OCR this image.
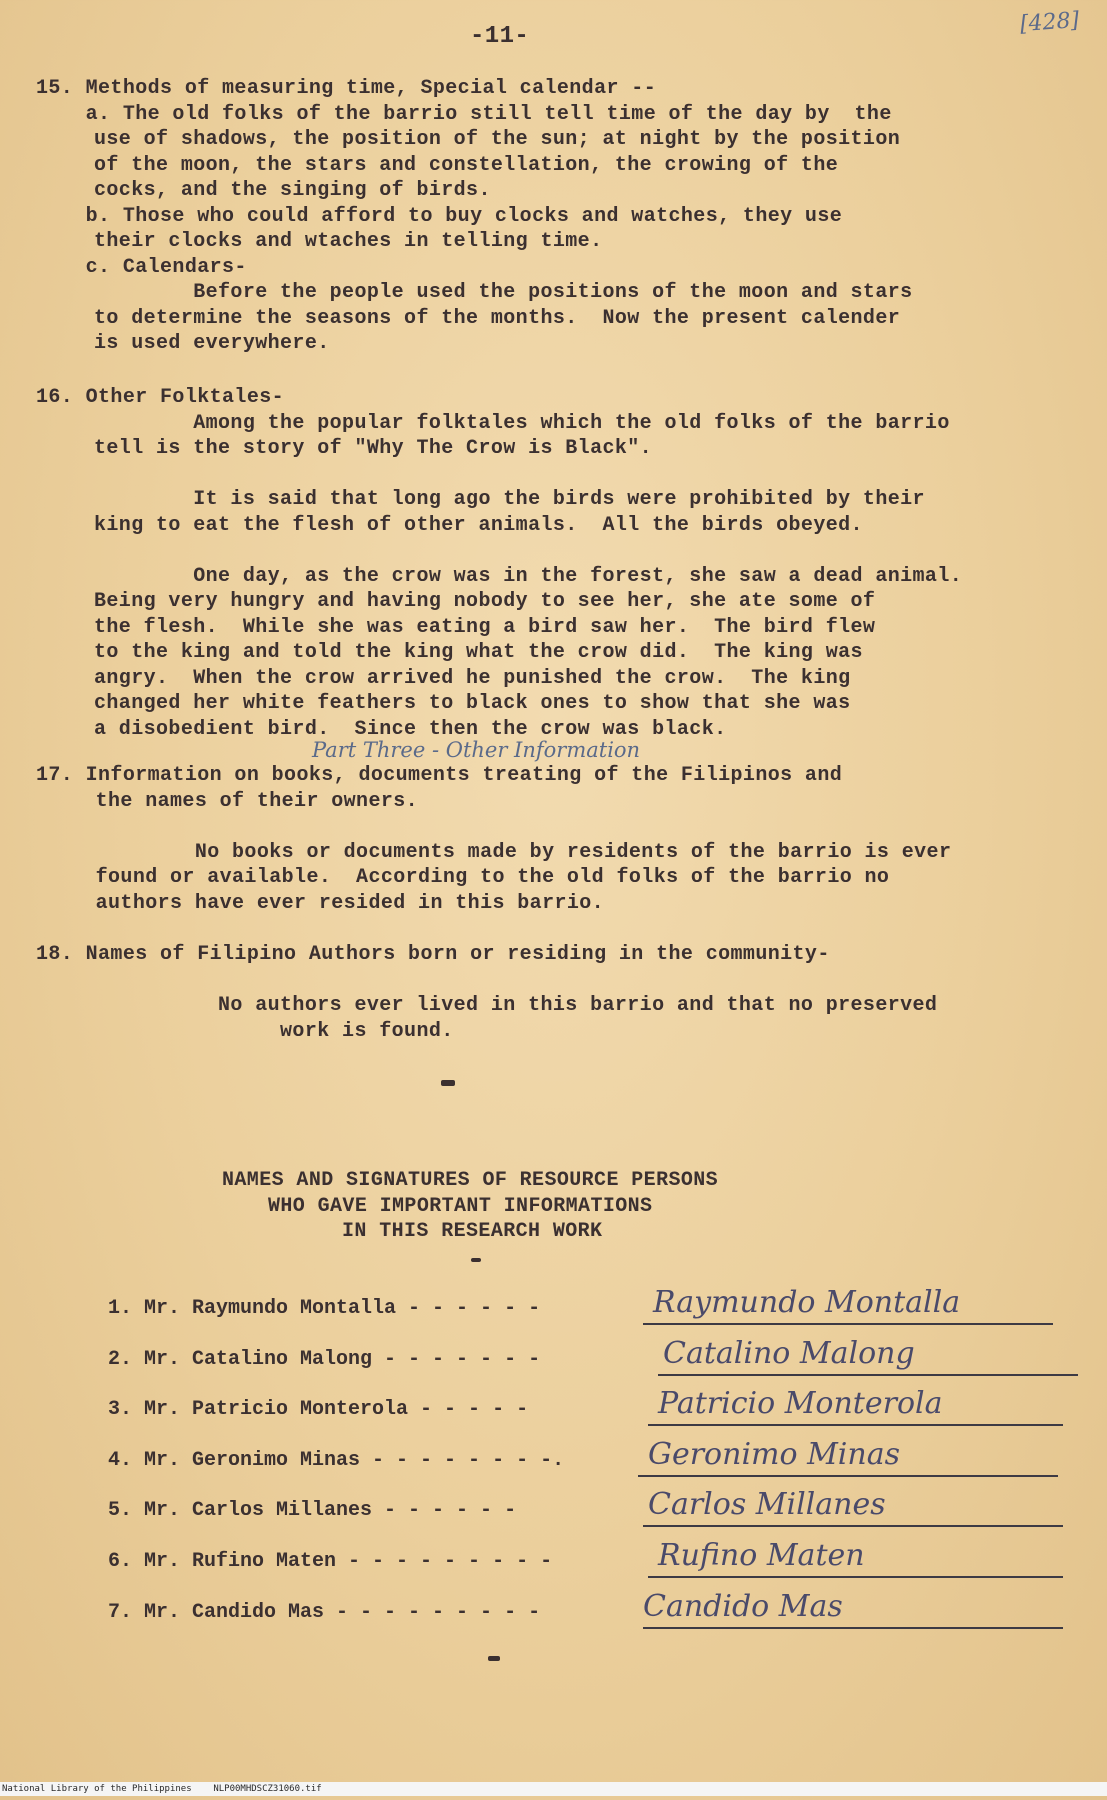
-11-	[428]
15. Methods of measuring time, Special calendar --
a. The old folks of the barrio still tell time of the day by  the
use of shadows, the position of the sun; at night by the position
of the moon, the stars and constellation, the crowing of the
cocks, and the singing of birds.
b. Those who could afford to buy clocks and watches, they use
their clocks and wtaches in telling time.
c. Calendars-
Before the people used the positions of the moon and stars
to determine the seasons of the months.  Now the present calender
is used everywhere.
16. Other Folktales-
Among the popular folktales which the old folks of the barrio
tell is the story of "Why The Crow is Black".
It is said that long ago the birds were prohibited by their
king to eat the flesh of other animals.  All the birds obeyed.
One day, as the crow was in the forest, she saw a dead animal.
Being very hungry and having nobody to see her, she ate some of
the flesh.  While she was eating a bird saw her.  The bird flew
to the king and told the king what the crow did.  The king was
angry.  When the crow arrived he punished the crow.  The king
changed her white feathers to black ones to show that she was
a disobedient bird.  Since then the crow was black.
Part Three - Other Information
17. Information on books, documents treating of the Filipinos and
the names of their owners.
No books or documents made by residents of the barrio is ever
found or available.  According to the old folks of the barrio no
authors have ever resided in this barrio.
18. Names of Filipino Authors born or residing in the community-
No authors ever lived in this barrio and that no preserved
work is found.
NAMES AND SIGNATURES OF RESOURCE PERSONS
WHO GAVE IMPORTANT INFORMATIONS
IN THIS RESEARCH WORK
1. Mr. Raymundo Montalla - - - - - -	Raymundo Montalla
2. Mr. Catalino Malong - - - - - - -	Catalino Malong
3. Mr. Patricio Monterola - - - - -	Patricio Monterola
4. Mr. Geronimo Minas - - - - - - - -.	Geronimo Minas
5. Mr. Carlos Millanes - - - - - -	Carlos Millanes
6. Mr. Rufino Maten - - - - - - - - -	Rufino Maten
7. Mr. Candido Mas - - - - - - - - -	Candido Mas
National Library of the Philippines    NLP00MHDSCZ31060.tif
